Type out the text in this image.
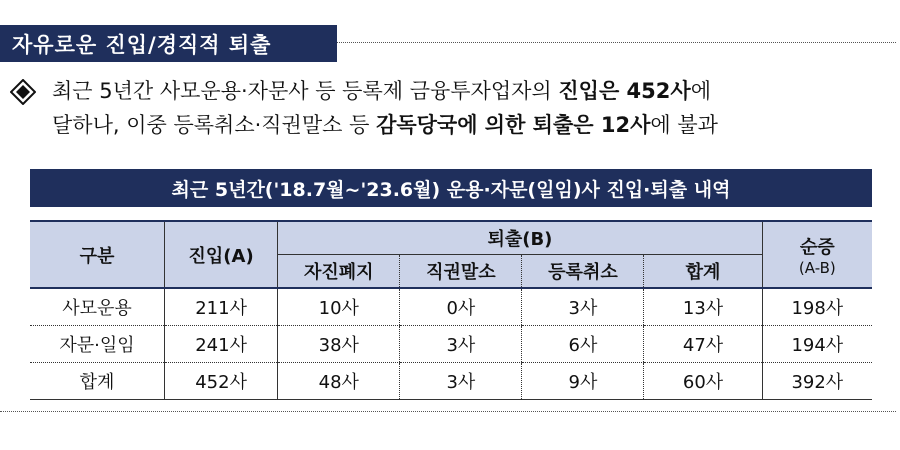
자유로운 진입/경직적 퇴출
최근 5년간 사모운용·자문사 등 등록제 금융투자업자의 진입은 452사에
달하나, 이중 등록취소·직권말소 등 감독당국에 의한 퇴출은 12사에 불과
최근 5년간('18.7월~'23.6월) 운용·자문(일임)사 진입·퇴출 내역
구분	진입(A)	퇴출(B)				순증
(A-B)

		자진폐지	직권말소	등록취소	합계	
사모운용	211사	10사	0사	3사	13사	198사
자문·일임	241사	38사	3사	6사	47사	194사
합계	452사	48사	3사	9사	60사	392사
